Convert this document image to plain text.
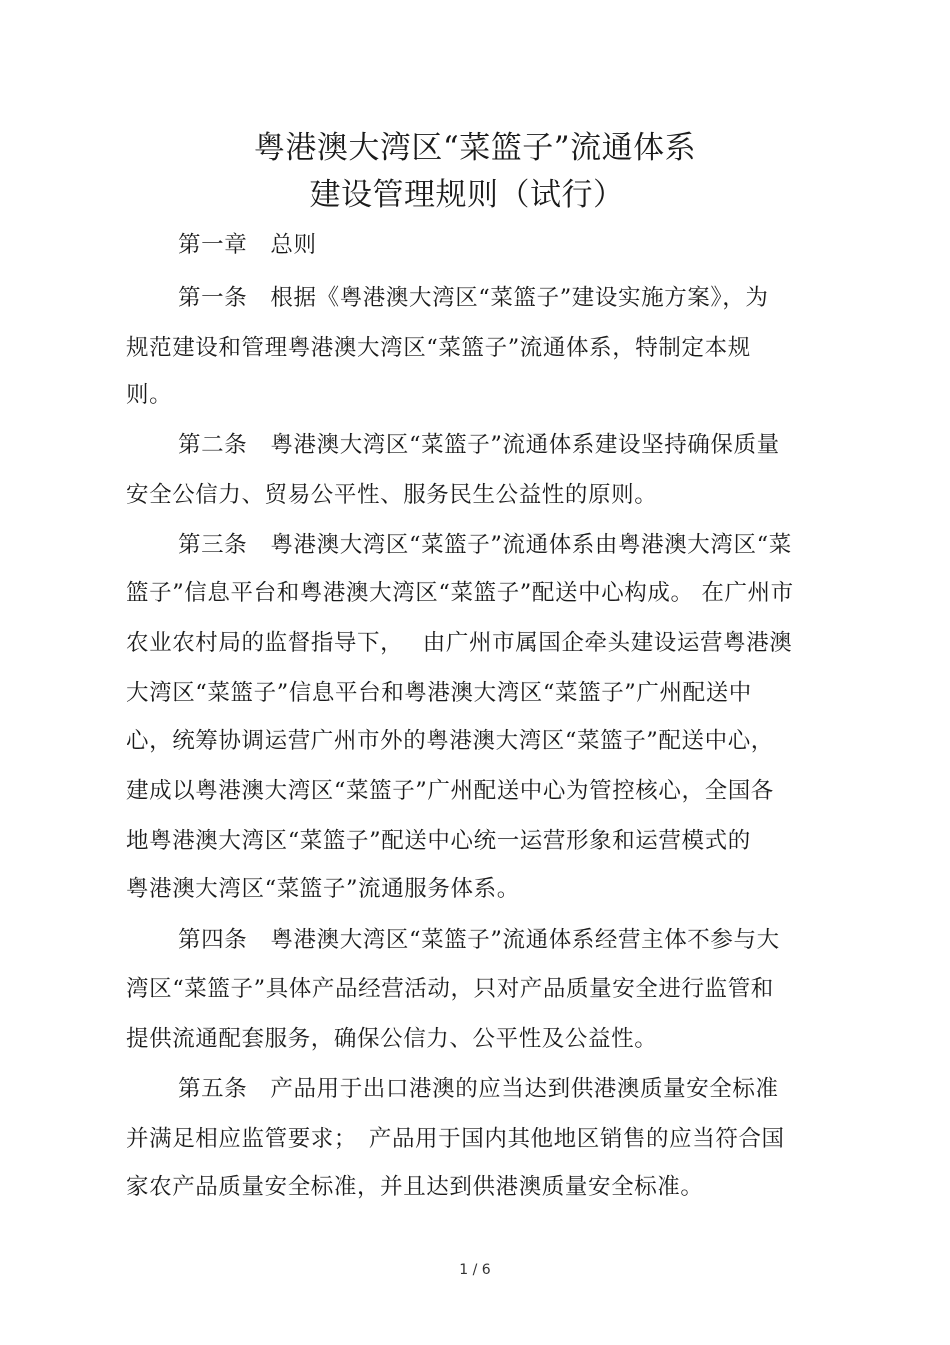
粤港澳大湾区“菜篮子”流通体系
建设管理规则（试行）
第一章　总则
第一条　根据《粤港澳大湾区“菜篮子”建设实施方案》，为
规范建设和管理粤港澳大湾区“菜篮子”流通体系，特制定本规
则。
第二条　粤港澳大湾区“菜篮子”流通体系建设坚持确保质量
安全公信力、贸易公平性、服务民生公益性的原则。
第三条　粤港澳大湾区“菜篮子”流通体系由粤港澳大湾区“菜
篮子”信息平台和粤港澳大湾区“菜篮子”配送中心构成。 在广州市
农业农村局的监督指导下，　 由广州市属国企牵头建设运营粤港澳
大湾区“菜篮子”信息平台和粤港澳大湾区“菜篮子”广州配送中
心，统筹协调运营广州市外的粤港澳大湾区“菜篮子”配送中心，
建成以粤港澳大湾区“菜篮子”广州配送中心为管控核心，全国各
地粤港澳大湾区“菜篮子”配送中心统一运营形象和运营模式的
粤港澳大湾区“菜篮子”流通服务体系。
第四条　粤港澳大湾区“菜篮子”流通体系经营主体不参与大
湾区“菜篮子”具体产品经营活动，只对产品质量安全进行监管和
提供流通配套服务，确保公信力、公平性及公益性。
第五条　产品用于出口港澳的应当达到供港澳质量安全标准
并满足相应监管要求；　产品用于国内其他地区销售的应当符合国
家农产品质量安全标准，并且达到供港澳质量安全标准。
1 / 6
